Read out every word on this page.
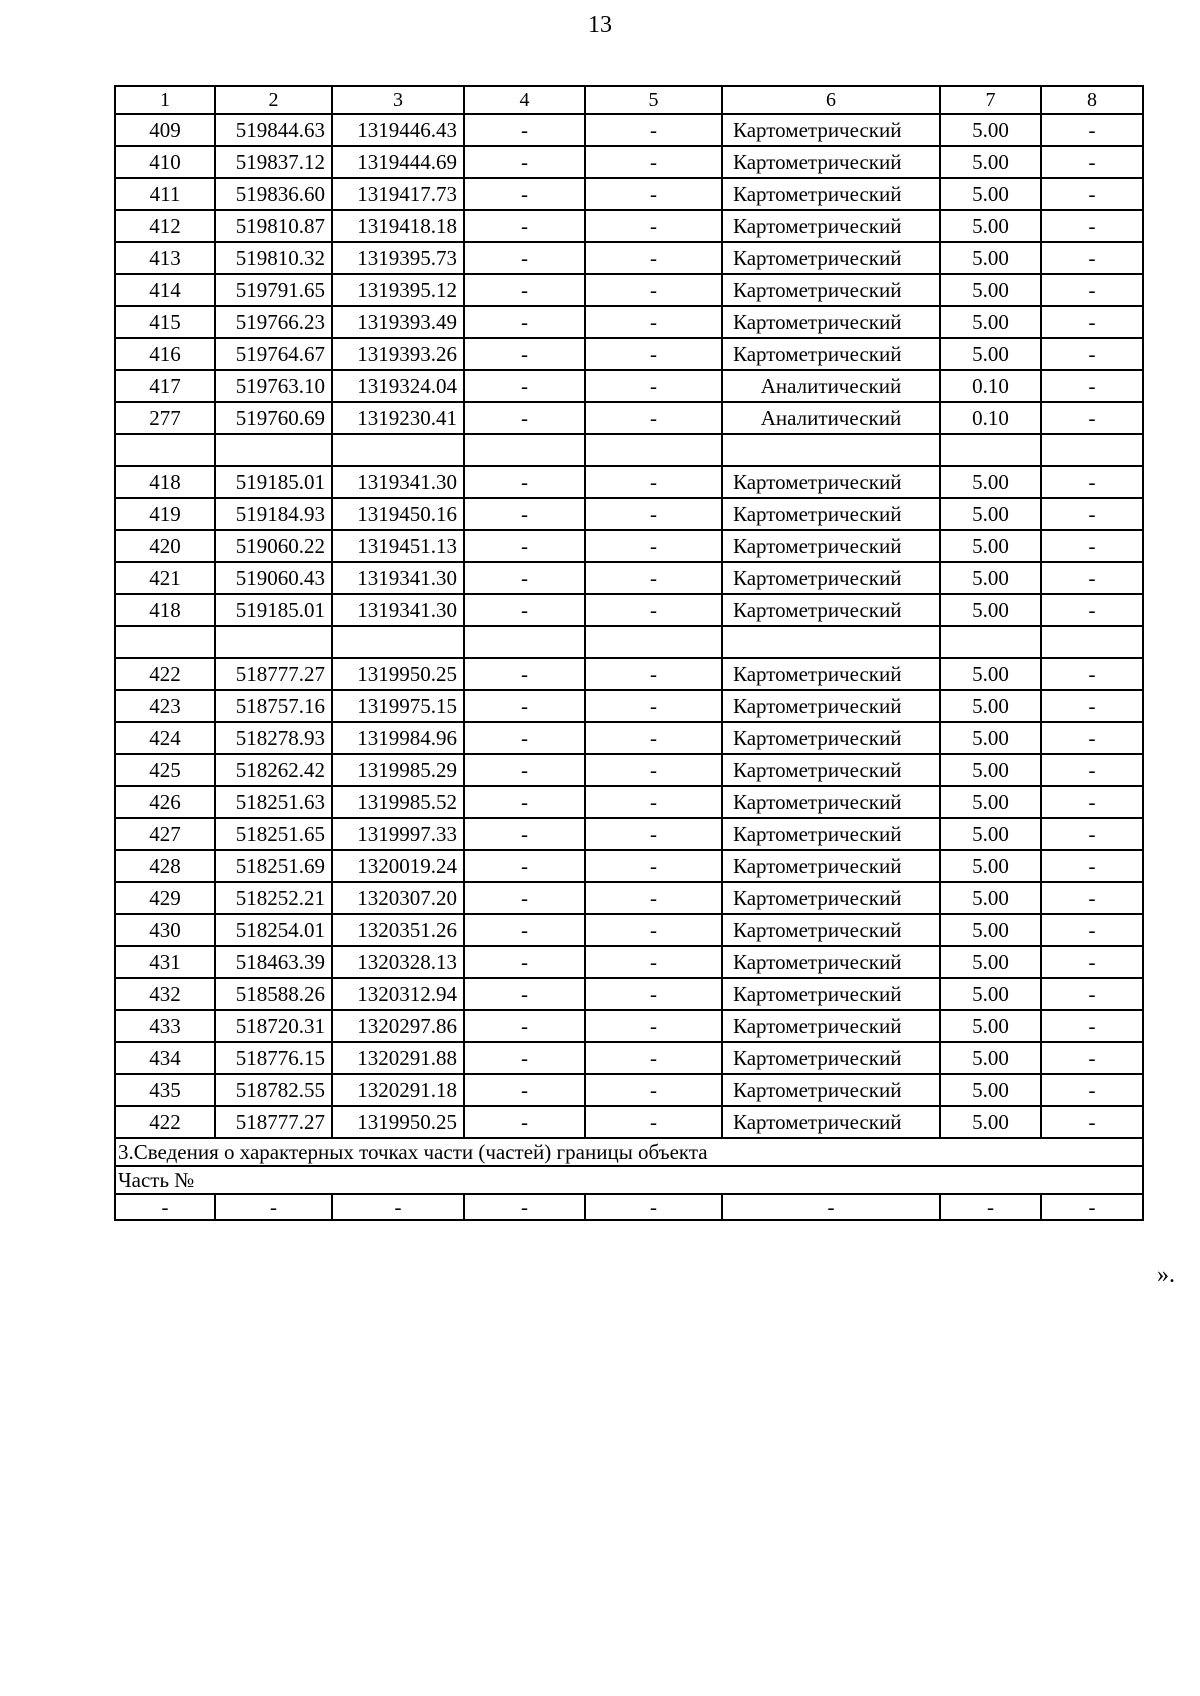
13
1	2	3	4	5	6	7	8
409	519844.63	1319446.43	-	-	Картометрический	5.00	-
410	519837.12	1319444.69	-	-	Картометрический	5.00	-
411	519836.60	1319417.73	-	-	Картометрический	5.00	-
412	519810.87	1319418.18	-	-	Картометрический	5.00	-
413	519810.32	1319395.73	-	-	Картометрический	5.00	-
414	519791.65	1319395.12	-	-	Картометрический	5.00	-
415	519766.23	1319393.49	-	-	Картометрический	5.00	-
416	519764.67	1319393.26	-	-	Картометрический	5.00	-
417	519763.10	1319324.04	-	-	Аналитический	0.10	-
277	519760.69	1319230.41	-	-	Аналитический	0.10	-

418	519185.01	1319341.30	-	-	Картометрический	5.00	-
419	519184.93	1319450.16	-	-	Картометрический	5.00	-
420	519060.22	1319451.13	-	-	Картометрический	5.00	-
421	519060.43	1319341.30	-	-	Картометрический	5.00	-
418	519185.01	1319341.30	-	-	Картометрический	5.00	-

422	518777.27	1319950.25	-	-	Картометрический	5.00	-
423	518757.16	1319975.15	-	-	Картометрический	5.00	-
424	518278.93	1319984.96	-	-	Картометрический	5.00	-
425	518262.42	1319985.29	-	-	Картометрический	5.00	-
426	518251.63	1319985.52	-	-	Картометрический	5.00	-
427	518251.65	1319997.33	-	-	Картометрический	5.00	-
428	518251.69	1320019.24	-	-	Картометрический	5.00	-
429	518252.21	1320307.20	-	-	Картометрический	5.00	-
430	518254.01	1320351.26	-	-	Картометрический	5.00	-
431	518463.39	1320328.13	-	-	Картометрический	5.00	-
432	518588.26	1320312.94	-	-	Картометрический	5.00	-
433	518720.31	1320297.86	-	-	Картометрический	5.00	-
434	518776.15	1320291.88	-	-	Картометрический	5.00	-
435	518782.55	1320291.18	-	-	Картометрический	5.00	-
422	518777.27	1319950.25	-	-	Картометрический	5.00	-
3.Сведения о характерных точках части (частей) границы объекта							
Часть №							
-	-	-	-	-	-	-	-
».
